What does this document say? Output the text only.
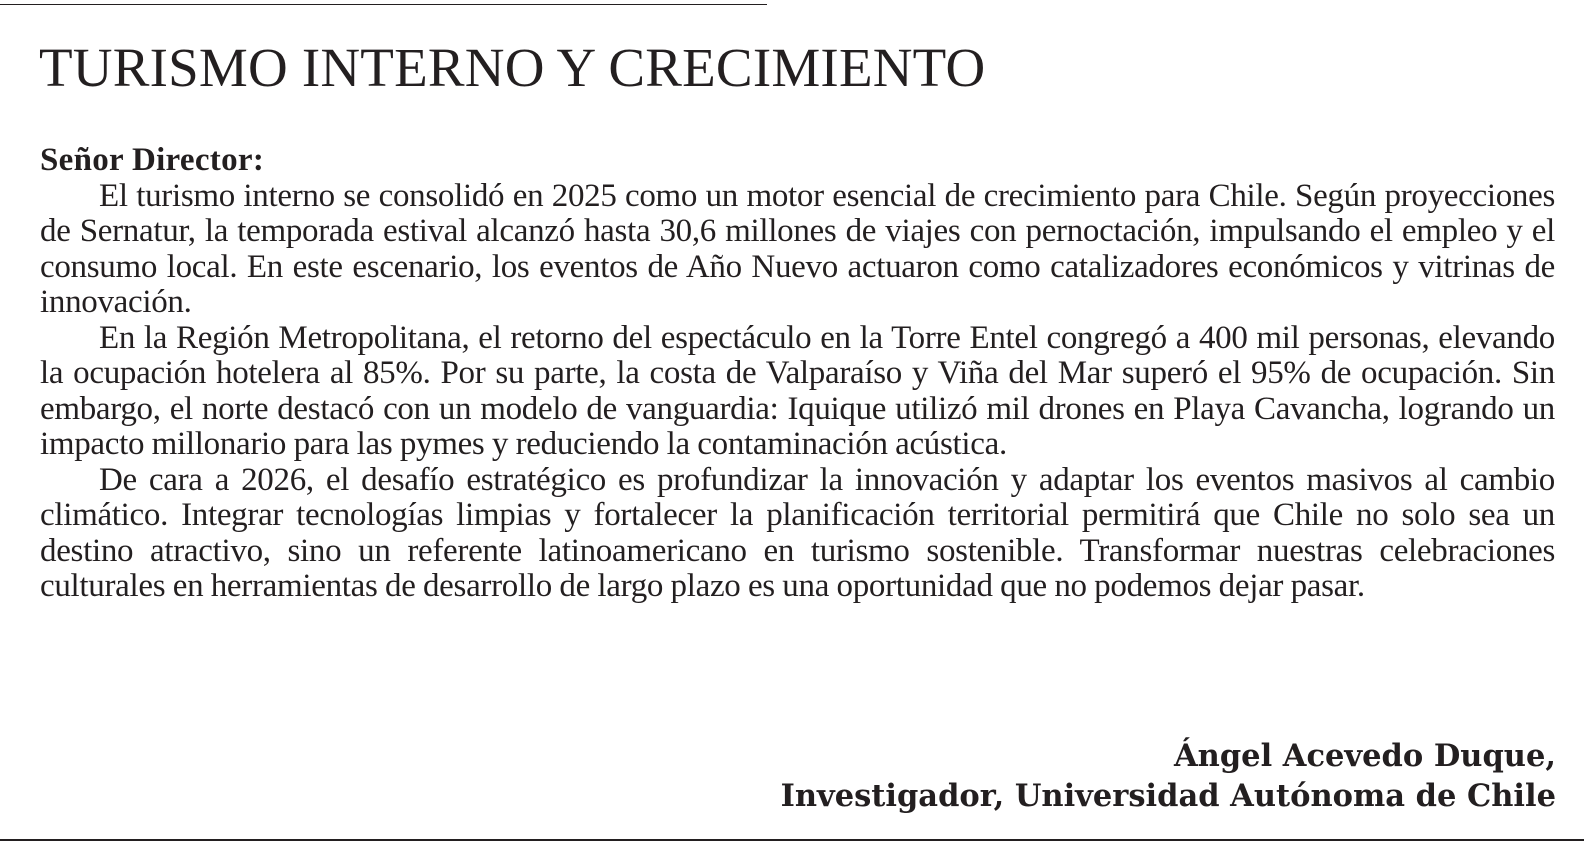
TURISMO INTERNO Y CRECIMIENTO
Señor Director:

El turismo interno se consolidó en 2025 como un motor esencial de crecimiento para Chile. Según proyecciones de Sernatur, la temporada estival alcanzó hasta 30,6 millones de viajes con pernoctación, impulsando el empleo y el consumo local. En este escenario, los eventos de Año Nuevo actuaron como catalizadores económicos y vitrinas de innovación.

En la Región Metropolitana, el retorno del espectáculo en la Torre Entel congregó a 400 mil personas, elevando la ocupación hotelera al 85%. Por su parte, la costa de Valparaíso y Viña del Mar superó el 95% de ocupación. Sin embargo, el norte destacó con un modelo de vanguardia: Iquique utilizó mil drones en Playa Cavancha, logrando un impacto millonario para las pymes y reduciendo la contaminación acústica.

De cara a 2026, el desafío estratégico es profundizar la innovación y adaptar los eventos masivos al cambio climático. Integrar tecnologías limpias y fortalecer la planificación territorial permitirá que Chile no solo sea un destino atractivo, sino un referente latinoamericano en turismo sostenible. Transformar nuestras celebraciones culturales en herramientas de desarrollo de largo plazo es una oportunidad que no podemos dejar pasar.

Ángel Acevedo Duque,
Investigador, Universidad Autónoma de Chile
